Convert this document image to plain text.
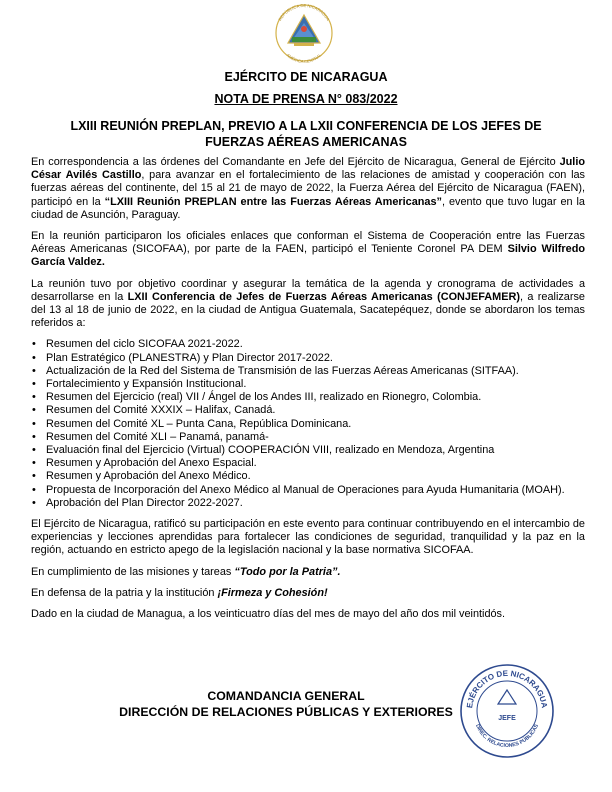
REPÚBLICA DE NICARAGUA
AMÉRICA CENTRAL
EJÉRCITO DE NICARAGUA
NOTA DE PRENSA N° 083/2022
LXIII REUNIÓN PREPLAN, PREVIO A LA LXII CONFERENCIA DE LOS JEFES DE
FUERZAS AÉREAS AMERICANAS

En correspondencia a las órdenes del Comandante en Jefe del Ejército de Nicaragua, General de Ejército Julio César Avilés Castillo, para avanzar en el fortalecimiento de las relaciones de amistad y cooperación con las fuerzas aéreas del continente, del 15 al 21 de mayo de 2022, la Fuerza Aérea del Ejército de Nicaragua (FAEN), participó en la “LXIII Reunión PREPLAN entre las Fuerzas Aéreas Americanas”, evento que tuvo lugar en la ciudad de Asunción, Paraguay.

En la reunión participaron los oficiales enlaces que conforman el Sistema de Cooperación entre las Fuerzas Aéreas Americanas (SICOFAA), por parte de la FAEN, participó el Teniente Coronel PA DEM Silvio Wilfredo García Valdez.

La reunión tuvo por objetivo coordinar y asegurar la temática de la agenda y cronograma de actividades a desarrollarse en la LXII Conferencia de Jefes de Fuerzas Aéreas Americanas (CONJEFAMER), a realizarse del 13 al 18 de junio de 2022, en la ciudad de Antigua Guatemala, Sacatepéquez, donde se abordaron los temas referidos a:

• Resumen del ciclo SICOFAA 2021-2022.
• Plan Estratégico (PLANESTRA) y Plan Director 2017-2022.
• Actualización de la Red del Sistema de Transmisión de las Fuerzas Aéreas Americanas (SITFAA).
• Fortalecimiento y Expansión Institucional.
• Resumen del Ejercicio (real) VII / Ángel de los Andes III, realizado en Rionegro, Colombia.
• Resumen del Comité XXXIX – Halifax, Canadá.
• Resumen del Comité XL – Punta Cana, República Dominicana.
• Resumen del Comité XLI – Panamá, panamá-
• Evaluación final del Ejercicio (Virtual) COOPERACIÓN VIII, realizado en Mendoza, Argentina
• Resumen y Aprobación del Anexo Espacial.
• Resumen y Aprobación del Anexo Médico.
• Propuesta de Incorporación del Anexo Médico al Manual de Operaciones para Ayuda Humanitaria (MOAH).
• Aprobación del Plan Director 2022-2027.

El Ejército de Nicaragua, ratificó su participación en este evento para continuar contribuyendo en el intercambio de experiencias y lecciones aprendidas para fortalecer las condiciones de seguridad, tranquilidad y la paz en la región, actuando en estricto apego de la legislación nacional y la base normativa SICOFAA.

En cumplimiento de las misiones y tareas “Todo por la Patria”.

En defensa de la patria y la institución ¡Firmeza y Cohesión!

Dado en la ciudad de Managua, a los veinticuatro días del mes de mayo del año dos mil veintidós.

COMANDANCIA GENERAL
DIRECCIÓN DE RELACIONES PÚBLICAS Y EXTERIORES	EJÉRCITO DE NICARAGUA
DIREC. RELACIONES PÚBLICAS
JEFE
